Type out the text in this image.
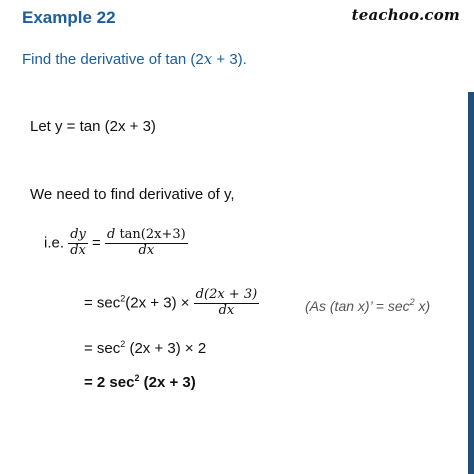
Example 22	teachoo.com
Find the derivative of tan (2x + 3).
Let y = tan (2x + 3)
We need to find derivative of y,
i.e. $\frac{dy}{dx} = \frac{\text{d tan(2x+3)}}{dx}$
= $\sec^2(2x + 3) \times \frac{d(2x + 3)}{dx}$	(As (tan x)’ = $\sec^2 x$)
= $\sec^2 (2x + 3) \times 2$
= 2 $\sec^2 (2x + 3)$
